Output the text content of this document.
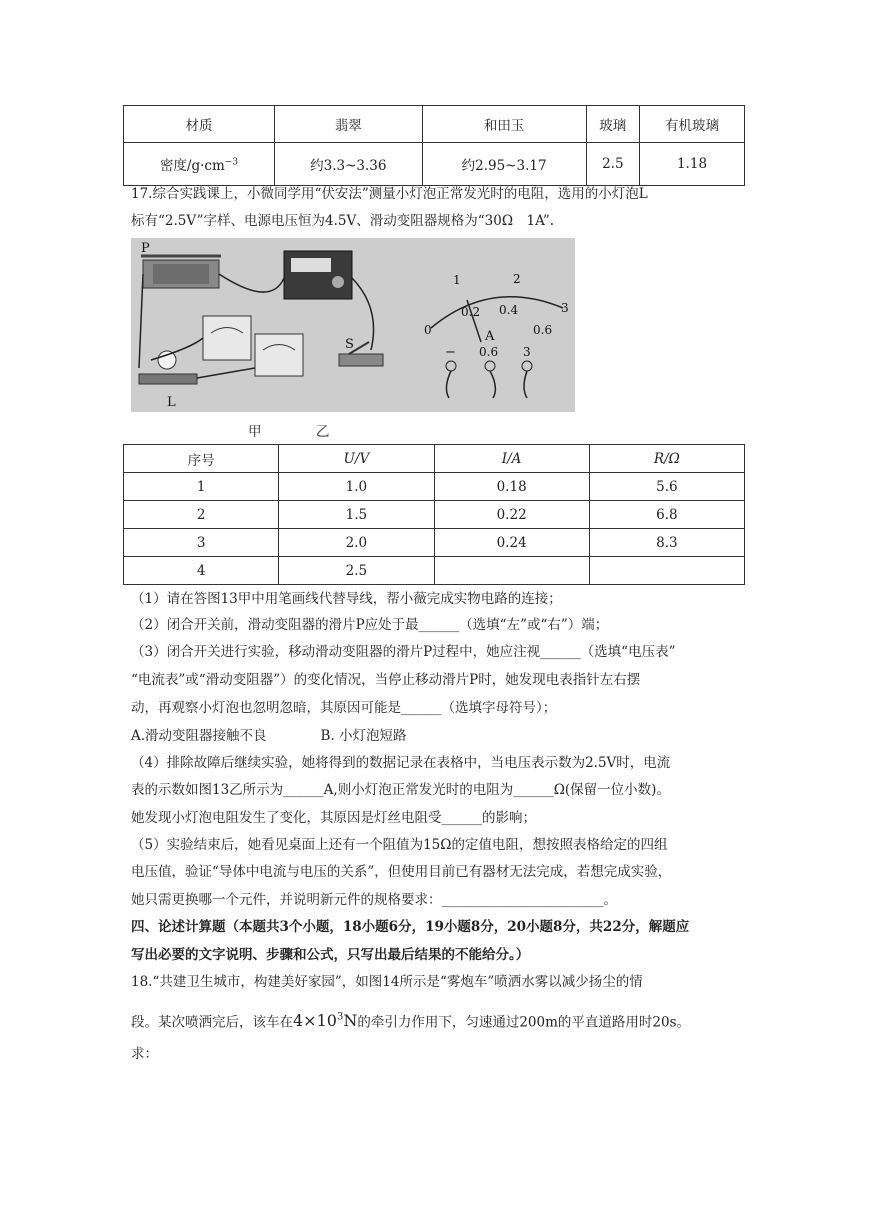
材质	翡翠	和田玉	玻璃	有机玻璃
密度$/g\cdot cm^{-3}$	约3.3~3.36	约2.95~3.17	2.5	1.18
17.综合实践课上，小微同学用“伏安法”测量小灯泡正常发光时的电阻，选用的小灯泡L
标有“2.5V”字样、电源电压恒为4.5V、滑动变阻器规格为“30Ω　1A”.
P
S
L
0
1	2
3
0.2 0.4
0.6
A
− 0.6 3
甲	乙
序号	U/V	I/A	R/Ω
1	1.0	0.18	5.6
2	1.5	0.22	6.8
3	2.0	0.24	8.3
4	2.5		
（1）请在答图13甲中用笔画线代替导线，帮小薇完成实物电路的连接；
（2）闭合开关前，滑动变阻器的滑片P应处于最______（选填“左”或“右”）端；
（3）闭合开关进行实验，移动滑动变阻器的滑片P过程中，她应注视______（选填“电压表”
“电流表”或“滑动变阻器”）的变化情况，当停止移动滑片P时，她发现电表指针左右摆
动，再观察小灯泡也忽明忽暗，其原因可能是______（选填字母符号）；
A.滑动变阻器接触不良　　　　B. 小灯泡短路
（4）排除故障后继续实验，她将得到的数据记录在表格中，当电压表示数为2.5V时，电流
表的示数如图13乙所示为______A,则小灯泡正常发光时的电阻为______Ω(保留一位小数)。
她发现小灯泡电阻发生了变化，其原因是灯丝电阻受______的影响；
（5）实验结束后，她看见桌面上还有一个阻值为15Ω的定值电阻，想按照表格给定的四组
电压值，验证“导体中电流与电压的关系”，但使用目前已有器材无法完成，若想完成实验，
她只需更换哪一个元件，并说明新元件的规格要求：________________________。
四、论述计算题（本题共3个小题，18小题6分，19小题8分，20小题8分，共22分，解题应
写出必要的文字说明、步骤和公式，只写出最后结果的不能给分。）
18.“共建卫生城市，构建美好家园”，如图14所示是“雾炮车”喷洒水雾以减少扬尘的情
段。某次喷洒完后，该车在$4\times 10^3N$的牵引力作用下，匀速通过200m的平直道路用时20s。
求：
